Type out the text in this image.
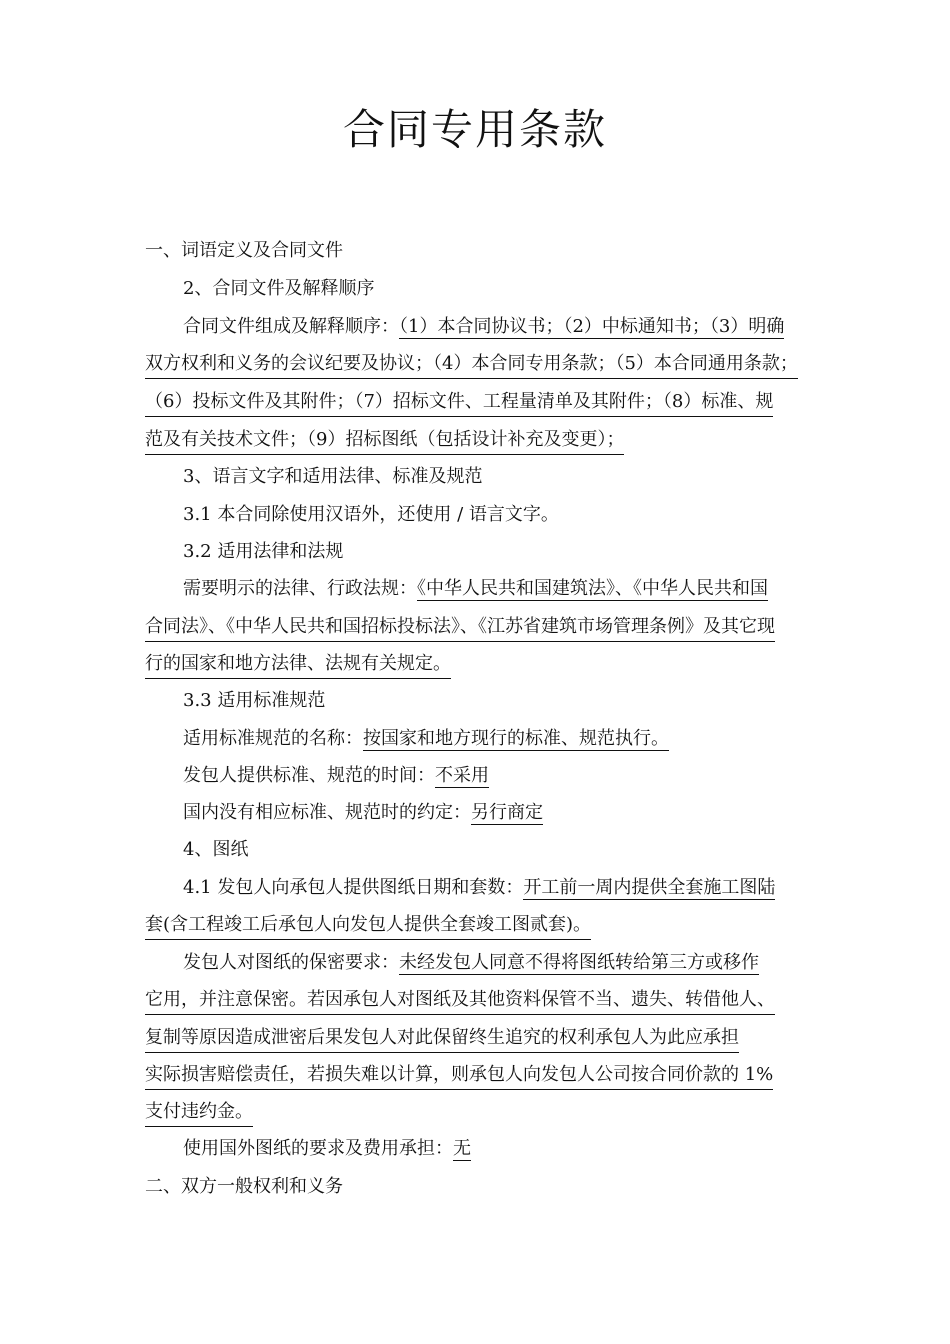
合同专用条款
一、词语定义及合同文件
2、合同文件及解释顺序
合同文件组成及解释顺序：（1）本合同协议书；（2）中标通知书；（3）明确
双方权利和义务的会议纪要及协议；（4）本合同专用条款；（5）本合同通用条款；
（6）投标文件及其附件；（7）招标文件、工程量清单及其附件；（8）标准、规
范及有关技术文件；（9）招标图纸（包括设计补充及变更）；
3、语言文字和适用法律、标准及规范
3.1 本合同除使用汉语外，还使用 / 语言文字。
3.2 适用法律和法规
需要明示的法律、行政法规：《中华人民共和国建筑法》、《中华人民共和国
合同法》、《中华人民共和国招标投标法》、《江苏省建筑市场管理条例》及其它现
行的国家和地方法律、法规有关规定。
3.3 适用标准规范
适用标准规范的名称：按国家和地方现行的标准、规范执行。
发包人提供标准、规范的时间：不采用
国内没有相应标准、规范时的约定：另行商定
4、图纸
4.1 发包人向承包人提供图纸日期和套数：开工前一周内提供全套施工图陆
套(含工程竣工后承包人向发包人提供全套竣工图贰套)。
发包人对图纸的保密要求：未经发包人同意不得将图纸转给第三方或移作
它用，并注意保密。若因承包人对图纸及其他资料保管不当、遗失、转借他人、
复制等原因造成泄密后果发包人对此保留终生追究的权利承包人为此应承担
实际损害赔偿责任，若损失难以计算，则承包人向发包人公司按合同价款的 1%
支付违约金。
使用国外图纸的要求及费用承担：无
二、双方一般权利和义务
